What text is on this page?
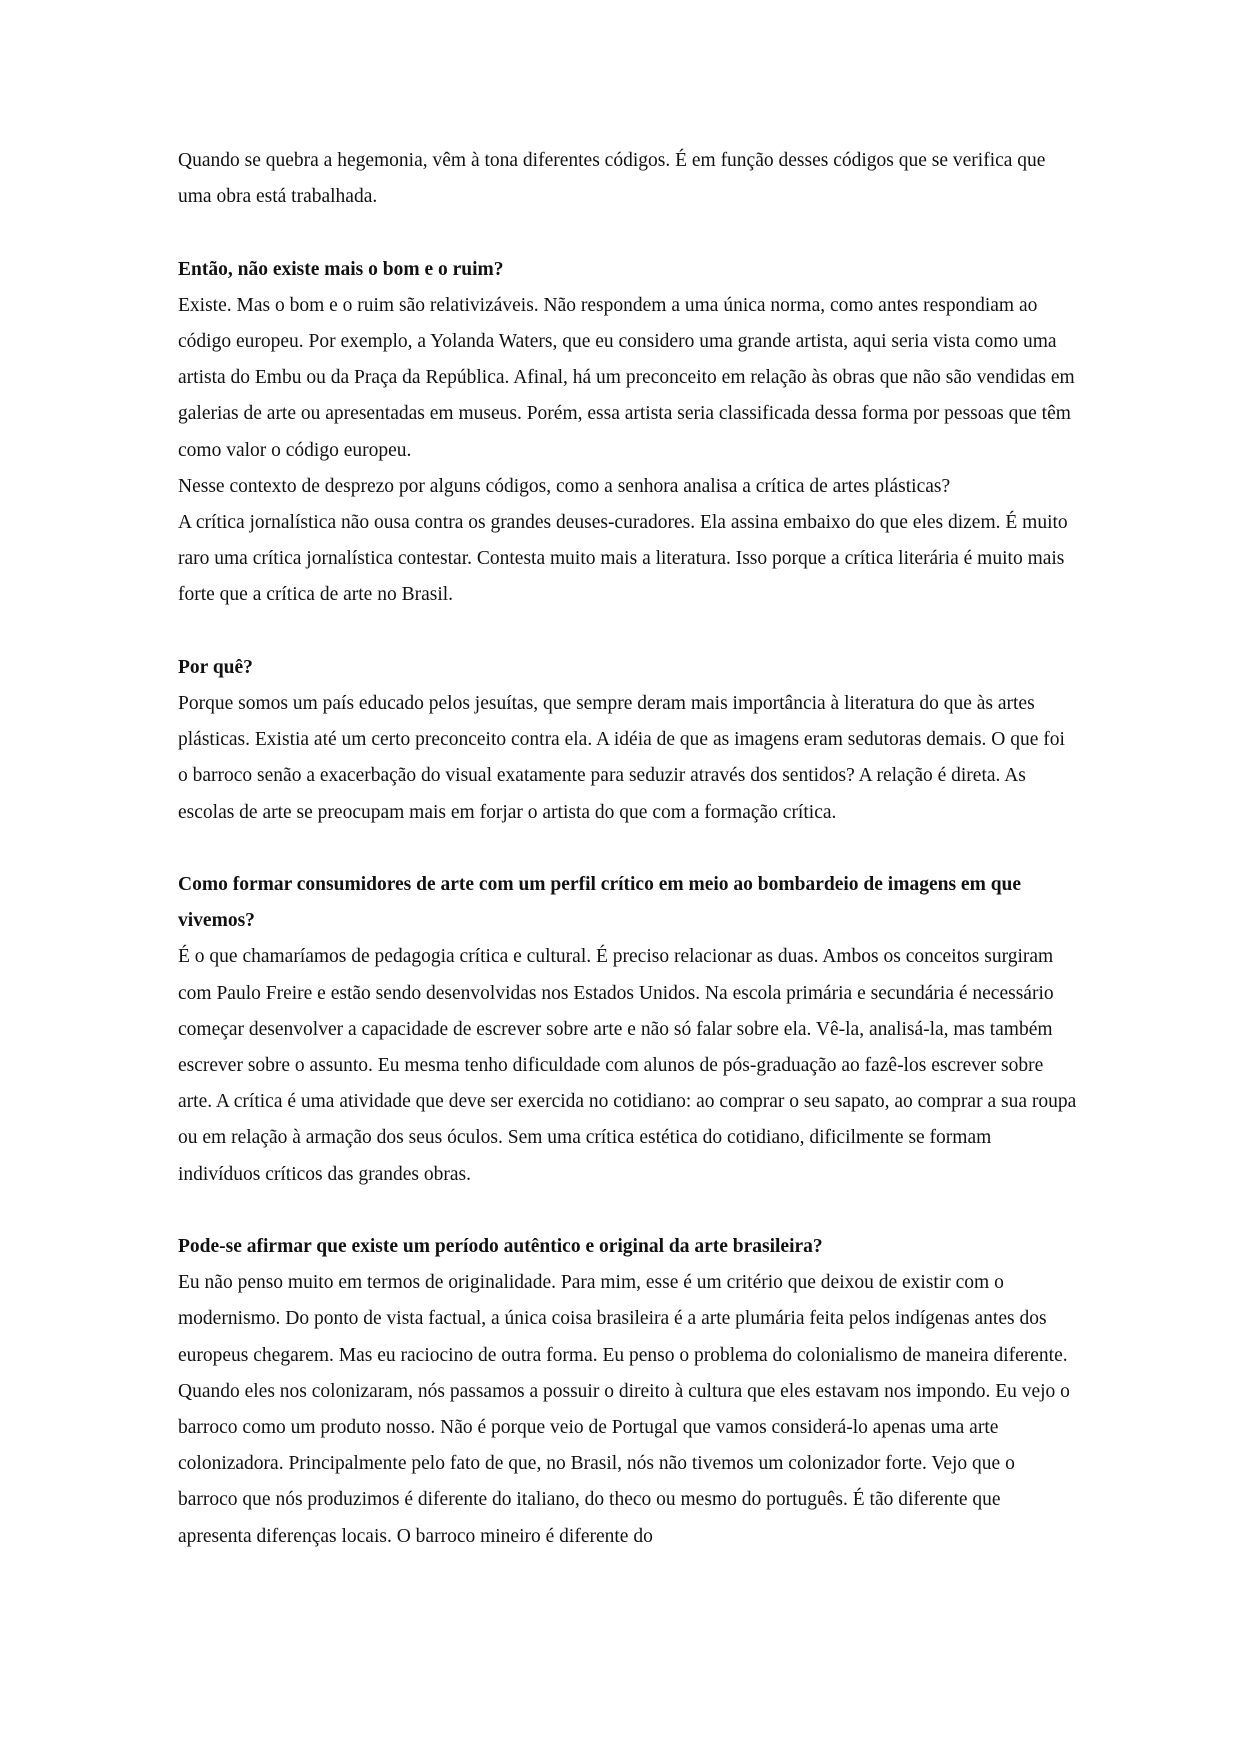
Quando se quebra a hegemonia, vêm à tona diferentes códigos. É em função desses códigos que se verifica que uma obra está trabalhada.

Então, não existe mais o bom e o ruim?

Existe. Mas o bom e o ruim são relativizáveis. Não respondem a uma única norma, como antes respondiam ao código europeu. Por exemplo, a Yolanda Waters, que eu considero uma grande artista, aqui seria vista como uma artista do Embu ou da Praça da República. Afinal, há um preconceito em relação às obras que não são vendidas em galerias de arte ou apresentadas em museus. Porém, essa artista seria classificada dessa forma por pessoas que têm como valor o código europeu.

Nesse contexto de desprezo por alguns códigos, como a senhora analisa a crítica de artes plásticas?

A crítica jornalística não ousa contra os grandes deuses-curadores. Ela assina embaixo do que eles dizem. É muito raro uma crítica jornalística contestar. Contesta muito mais a literatura. Isso porque a crítica literária é muito mais forte que a crítica de arte no Brasil.

Por quê?

Porque somos um país educado pelos jesuítas, que sempre deram mais importância à literatura do que às artes plásticas. Existia até um certo preconceito contra ela. A idéia de que as imagens eram sedutoras demais. O que foi o barroco senão a exacerbação do visual exatamente para seduzir através dos sentidos? A relação é direta. As escolas de arte se preocupam mais em forjar o artista do que com a formação crítica.

Como formar consumidores de arte com um perfil crítico em meio ao bombardeio de imagens em que vivemos?

É o que chamaríamos de pedagogia crítica e cultural. É preciso relacionar as duas. Ambos os conceitos surgiram com Paulo Freire e estão sendo desenvolvidas nos Estados Unidos. Na escola primária e secundária é necessário começar desenvolver a capacidade de escrever sobre arte e não só falar sobre ela. Vê-la, analisá-la, mas também escrever sobre o assunto. Eu mesma tenho dificuldade com alunos de pós-graduação ao fazê-los escrever sobre arte. A crítica é uma atividade que deve ser exercida no cotidiano: ao comprar o seu sapato, ao comprar a sua roupa ou em relação à armação dos seus óculos. Sem uma crítica estética do cotidiano, dificilmente se formam indivíduos críticos das grandes obras.

Pode-se afirmar que existe um período autêntico e original da arte brasileira?

Eu não penso muito em termos de originalidade. Para mim, esse é um critério que deixou de existir com o modernismo. Do ponto de vista factual, a única coisa brasileira é a arte plumária feita pelos indígenas antes dos europeus chegarem. Mas eu raciocino de outra forma. Eu penso o problema do colonialismo de maneira diferente. Quando eles nos colonizaram, nós passamos a possuir o direito à cultura que eles estavam nos impondo. Eu vejo o barroco como um produto nosso. Não é porque veio de Portugal que vamos considerá-lo apenas uma arte colonizadora. Principalmente pelo fato de que, no Brasil, nós não tivemos um colonizador forte. Vejo que o barroco que nós produzimos é diferente do italiano, do theco ou mesmo do português. É tão diferente que apresenta diferenças locais. O barroco mineiro é diferente do
